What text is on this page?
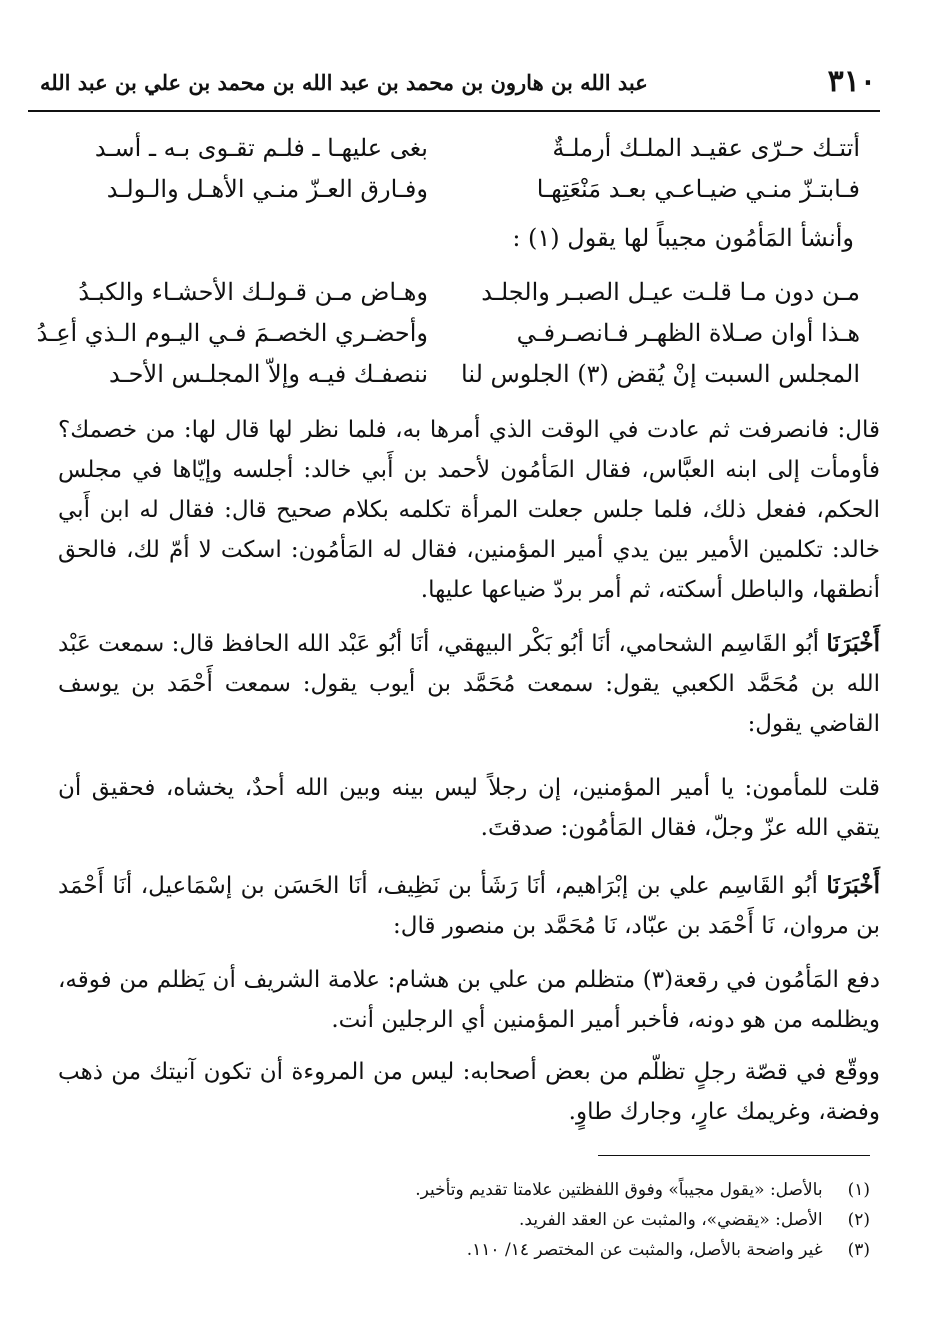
٣١٠
عبد الله بن هارون بن محمد بن عبد الله بن محمد بن علي بن عبد الله
أتتـك حـرّى عقيـد الملـك أرملـةٌ
بغى عليهـا ـ فلـم تقـوى بـه ـ أسـد
فـابتـزّ منـي ضيـاعـي بعـد مَنْعَتِهـا
وفـارق العـزّ منـي الأهـل والـولـد
وأنشأ المَأمُون مجيباً لها يقول (١) :
مـن دون مـا قلـت عيـل الصبـر والجلـد
وهـاض مـن قـولـك الأحشـاء والكبـدُ
هـذا أوان صـلاة الظهـر فـانصـرفـي
وأحضـري الخصـمَ فـي اليـوم الـذي أعِـدُ
المجلس السبت إنْ يُقض (٣) الجلوس لنا
ننصفـك فيـه وإلاّ المجلـس الأحـد

قال: فانصرفت ثم عادت في الوقت الذي أمرها به، فلما نظر لها قال لها: من خصمك؟ فأومأت إلى ابنه العبَّاس، فقال المَأمُون لأحمد بن أَبي خالد: أجلسه وإيّاها في مجلس الحكم، ففعل ذلك، فلما جلس جعلت المرأة تكلمه بكلام صحيح قال: فقال له ابن أَبي خالد: تكلمين الأمير بين يدي أمير المؤمنين، فقال له المَأمُون: اسكت لا أمّ لك، فالحق أنطقها، والباطل أسكته، ثم أمر بردّ ضياعها عليها.

أَخْبَرَنَا أبُو القَاسِم الشحامي، أنَا أبُو بَكْر البيهقي، أنَا أبُو عَبْد الله الحافظ قال: سمعت عَبْد الله بن مُحَمَّد الكعبي يقول: سمعت مُحَمَّد بن أيوب يقول: سمعت أَحْمَد بن يوسف القاضي يقول:

قلت للمأمون: يا أمير المؤمنين، إن رجلاً ليس بينه وبين الله أحدٌ، يخشاه، فحقيق أن يتقي الله عزّ وجلّ، فقال المَأمُون: صدقتَ.

أَخْبَرَنَا أبُو القَاسِم علي بن إبْرَاهيم، أنَا رَشَأ بن نَظِيف، أنَا الحَسَن بن إسْمَاعيل، أنَا أَحْمَد بن مروان، نَا أَحْمَد بن عبّاد، نَا مُحَمَّد بن منصور قال:

دفع المَأمُون في رقعة(٣) متظلم من علي بن هشام: علامة الشريف أن يَظلم من فوقه، ويظلمه من هو دونه، فأخبر أمير المؤمنين أي الرجلين أنت.

ووقّع في قصّة رجلٍ تظلّم من بعض أصحابه: ليس من المروءة أن تكون آنيتك من ذهب وفضة، وغريمك عارٍ، وجارك طاوٍ.

(١) بالأصل: «يقول مجيباً» وفوق اللفظتين علامتا تقديم وتأخير.
(٢) الأصل: «يقضي»، والمثبت عن العقد الفريد.
(٣) غير واضحة بالأصل، والمثبت عن المختصر ١٤/ ١١٠.
